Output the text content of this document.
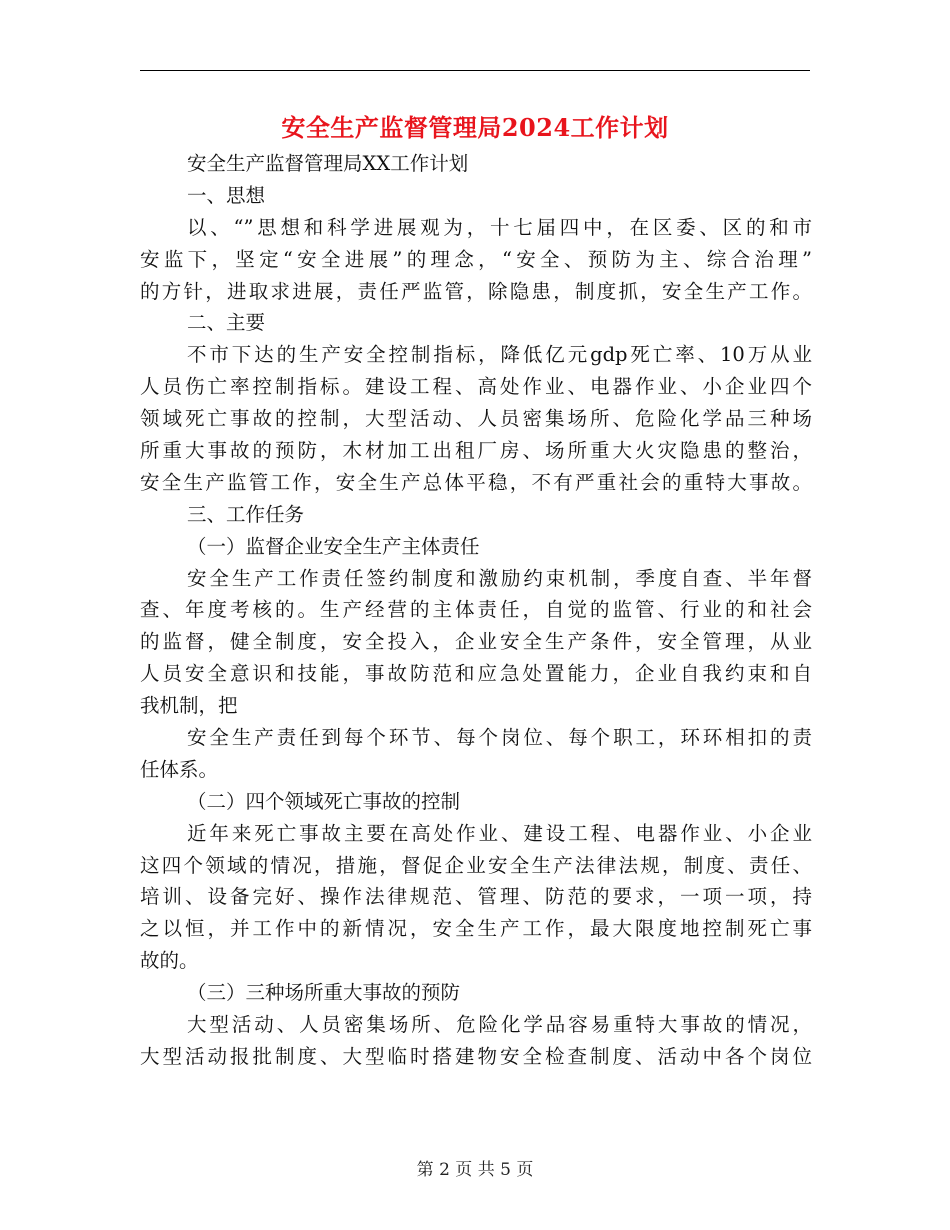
安全生产监督管理局2024工作计划
安全生产监督管理局XX工作计划
一、思想
以、“”思想和科学进展观为，十七届四中，在区委、区的和市
安监下，坚定“安全进展”的理念，“安全、预防为主、综合治理”
的方针，进取求进展，责任严监管，除隐患，制度抓，安全生产工作。
二、主要
不市下达的生产安全控制指标，降低亿元gdp死亡率、10万从业
人员伤亡率控制指标。建设工程、高处作业、电器作业、小企业四个
领域死亡事故的控制，大型活动、人员密集场所、危险化学品三种场
所重大事故的预防，木材加工出租厂房、场所重大火灾隐患的整治，
安全生产监管工作，安全生产总体平稳，不有严重社会的重特大事故。
三、工作任务
（一）监督企业安全生产主体责任
安全生产工作责任签约制度和激励约束机制，季度自查、半年督
查、年度考核的。生产经营的主体责任，自觉的监管、行业的和社会
的监督，健全制度，安全投入，企业安全生产条件，安全管理，从业
人员安全意识和技能，事故防范和应急处置能力，企业自我约束和自
我机制，把
安全生产责任到每个环节、每个岗位、每个职工，环环相扣的责
任体系。
（二）四个领域死亡事故的控制
近年来死亡事故主要在高处作业、建设工程、电器作业、小企业
这四个领域的情况，措施，督促企业安全生产法律法规，制度、责任、
培训、设备完好、操作法律规范、管理、防范的要求，一项一项，持
之以恒，并工作中的新情况，安全生产工作，最大限度地控制死亡事
故的。
（三）三种场所重大事故的预防
大型活动、人员密集场所、危险化学品容易重特大事故的情况，
大型活动报批制度、大型临时搭建物安全检查制度、活动中各个岗位
第 2 页 共 5 页
